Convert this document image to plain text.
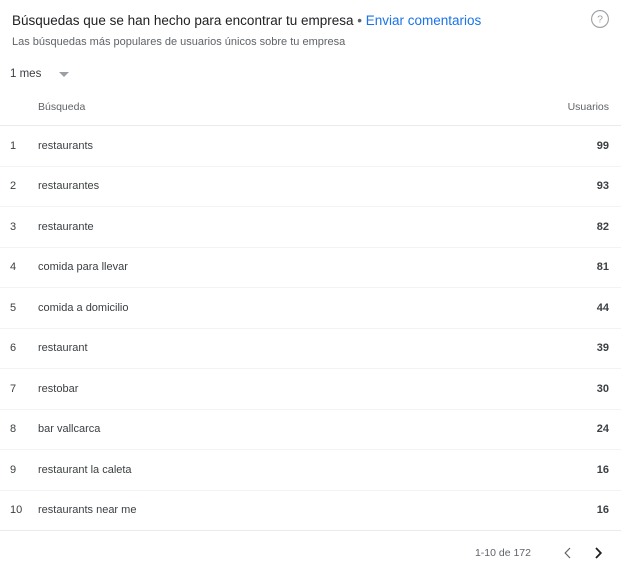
Búsquedas que se han hecho para encontrar tu empresa • Enviar comentarios
Las búsquedas más populares de usuarios únicos sobre tu empresa
?
1 mes
	Búsqueda	Usuarios
1	restaurants	99
2	restaurantes	93
3	restaurante	82
4	comida para llevar	81
5	comida a domicilio	44
6	restaurant	39
7	restobar	30
8	bar vallcarca	24
9	restaurant la caleta	16
10	restaurants near me	16
1-10 de 172
